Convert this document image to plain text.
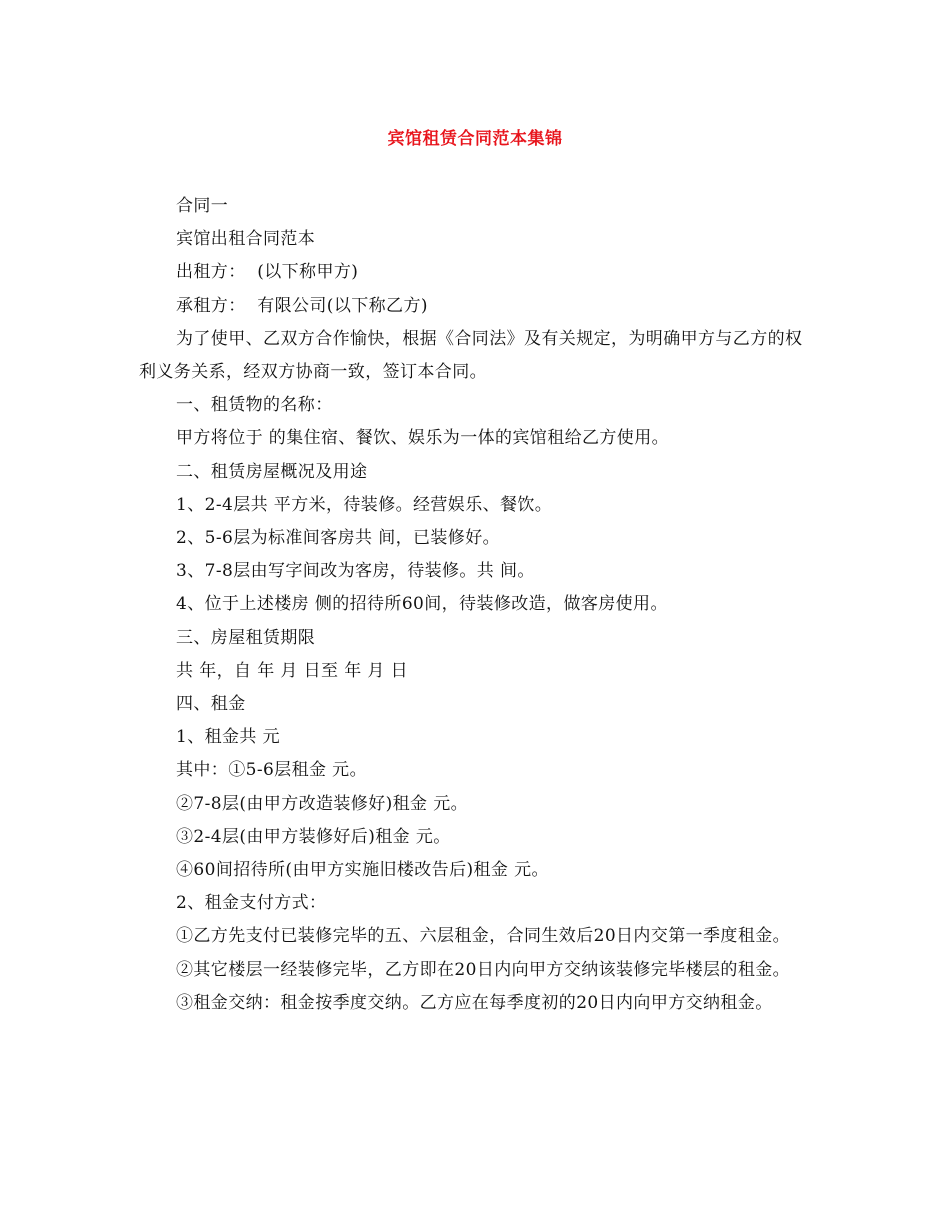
宾馆租赁合同范本集锦

合同一

宾馆出租合同范本

出租方：  (以下称甲方)

承租方：  有限公司(以下称乙方)

为了使甲、乙双方合作愉快，根据《合同法》及有关规定，为明确甲方与乙方的权利义务关系，经双方协商一致，签订本合同。

一、租赁物的名称：

甲方将位于 的集住宿、餐饮、娱乐为一体的宾馆租给乙方使用。

二、租赁房屋概况及用途

1、2-4层共 平方米，待装修。经营娱乐、餐饮。

2、5-6层为标准间客房共 间，已装修好。

3、7-8层由写字间改为客房，待装修。共 间。

4、位于上述楼房 侧的招待所60间，待装修改造，做客房使用。

三、房屋租赁期限

共 年，自 年 月 日至 年 月 日

四、租金

1、租金共 元

其中：①5-6层租金 元。

②7-8层(由甲方改造装修好)租金 元。

③2-4层(由甲方装修好后)租金 元。

④60间招待所(由甲方实施旧楼改告后)租金 元。

2、租金支付方式：

①乙方先支付已装修完毕的五、六层租金，合同生效后20日内交第一季度租金。

②其它楼层一经装修完毕，乙方即在20日内向甲方交纳该装修完毕楼层的租金。

③租金交纳：租金按季度交纳。乙方应在每季度初的20日内向甲方交纳租金。
